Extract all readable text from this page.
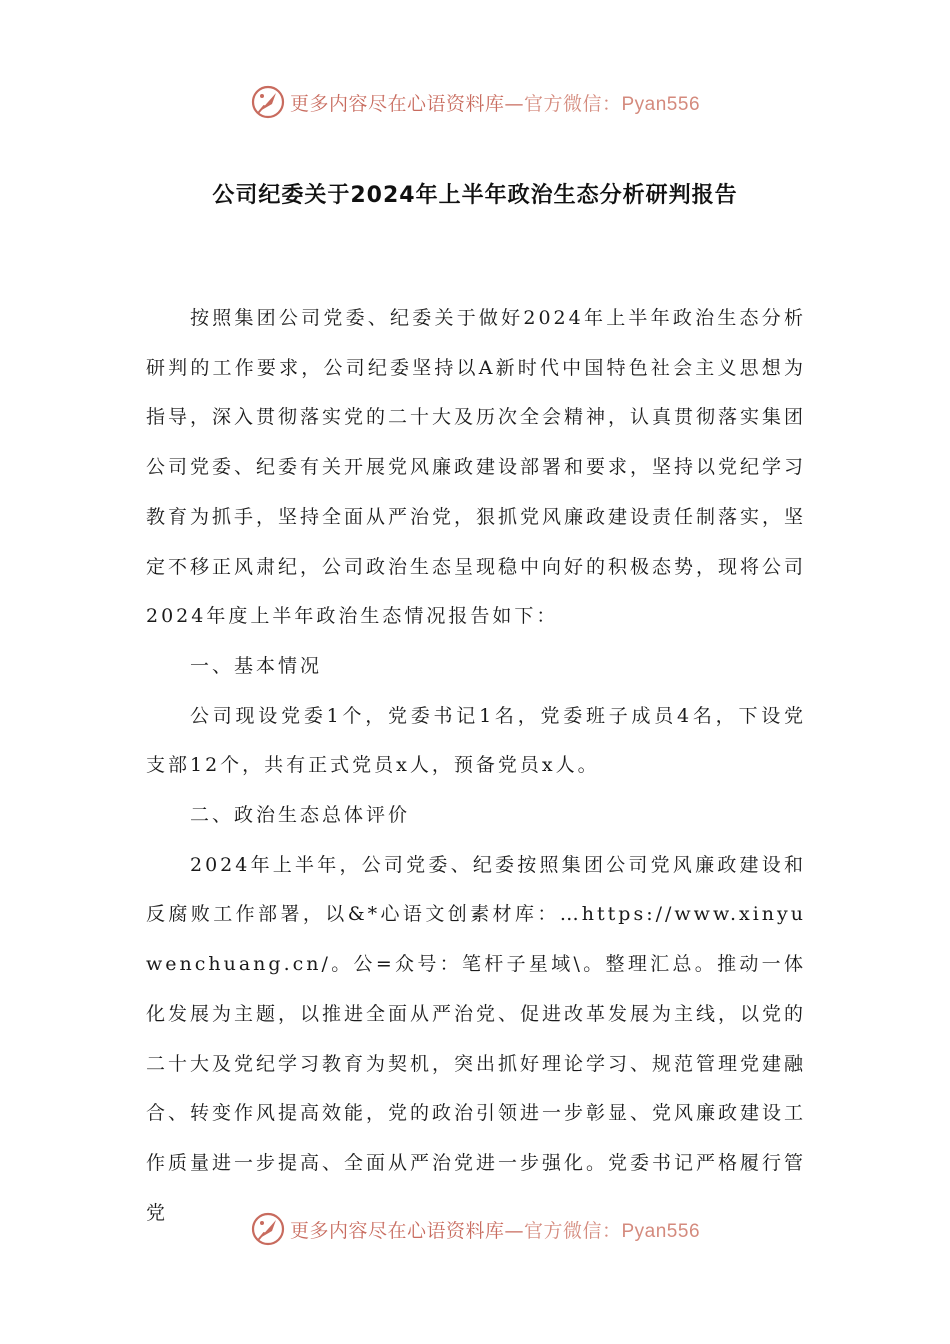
更多内容尽在心语资料库—官方微信：Pyan556
公司纪委关于2024年上半年政治生态分析研判报告

按照集团公司党委、纪委关于做好2024年上半年政治生态分析研判的工作要求，公司纪委坚持以A新时代中国特色社会主义思想为指导，深入贯彻落实党的二十大及历次全会精神，认真贯彻落实集团公司党委、纪委有关开展党风廉政建设部署和要求，坚持以党纪学习教育为抓手，坚持全面从严治党，狠抓党风廉政建设责任制落实，坚定不移正风肃纪，公司政治生态呈现稳中向好的积极态势，现将公司2024年度上半年政治生态情况报告如下：

一、基本情况

公司现设党委1个，党委书记1名，党委班子成员4名，下设党支部12个，共有正式党员x人，预备党员x人。

二、政治生态总体评价

2024年上半年，公司党委、纪委按照集团公司党风廉政建设和反腐败工作部署，以&*心语文创素材库：…https://www.xinyuwenchuang.cn/。公=众号：笔杆子星域\。整理汇总。推动一体化发展为主题，以推进全面从严治党、促进改革发展为主线，以党的二十大及党纪学习教育为契机，突出抓好理论学习、规范管理党建融合、转变作风提高效能，党的政治引领进一步彰显、党风廉政建设工作质量进一步提高、全面从严治党进一步强化。党委书记严格履行管党

更多内容尽在心语资料库—官方微信：Pyan556
